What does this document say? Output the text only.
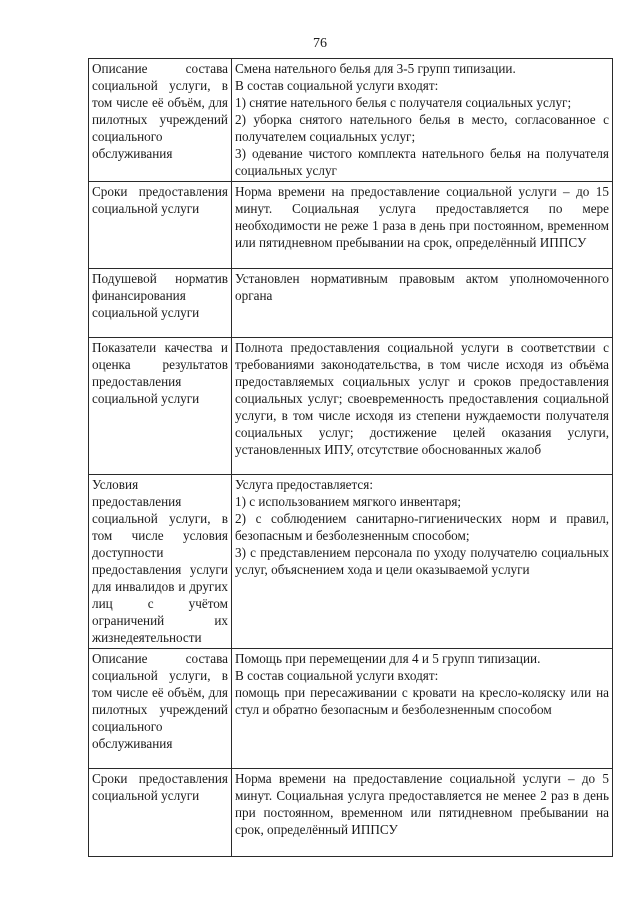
76
Описание состава социальной услуги, в том числе её объём, для пилотных учреждений социального обслуживания	Смена нательного белья для 3-5 групп типизации.
В состав социальной услуги входят:
1) снятие нательного белья с получателя социальных услуг;
2) уборка снятого нательного белья в место, согласованное с получателем социальных услуг;
3) одевание чистого комплекта нательного белья на получателя социальных услуг

Сроки предоставления социальной услуги	Норма времени на предоставление социальной услуги – до 15 минут. Социальная услуга предоставляется по мере необходимости не реже 1 раза в день при постоянном, временном или пятидневном пребывании на срок, определённый ИППСУ

Подушевой норматив финансирования социальной услуги	Установлен нормативным правовым актом уполномоченного органа

Показатели качества и оценка результатов предоставления социальной услуги	Полнота предоставления социальной услуги в соответствии с требованиями законодательства, в том числе исходя из объёма предоставляемых социальных услуг и сроков предоставления социальных услуг; своевременность предоставления социальной услуги, в том числе исходя из степени нуждаемости получателя социальных услуг; достижение целей оказания услуги, установленных ИПУ, отсутствие обоснованных жалоб

Условия предоставления социальной услуги, в том числе условия доступности предоставления услуги для инвалидов и других лиц с учётом ограничений их жизнедеятельности	Услуга предоставляется:
1) с использованием мягкого инвентаря;
2) с соблюдением санитарно-гигиенических норм и правил, безопасным и безболезненным способом;
3) с представлением персонала по уходу получателю социальных услуг, объяснением хода и цели оказываемой услуги

Описание состава социальной услуги, в том числе её объём, для пилотных учреждений социального обслуживания	Помощь при перемещении для 4 и 5 групп типизации.
В состав социальной услуги входят:
помощь при пересаживании с кровати на кресло-коляску или на стул и обратно безопасным и безболезненным способом

Сроки предоставления социальной услуги	Норма времени на предоставление социальной услуги – до 5 минут. Социальная услуга предоставляется не менее 2 раз в день при постоянном, временном или пятидневном пребывании на срок, определённый ИППСУ
